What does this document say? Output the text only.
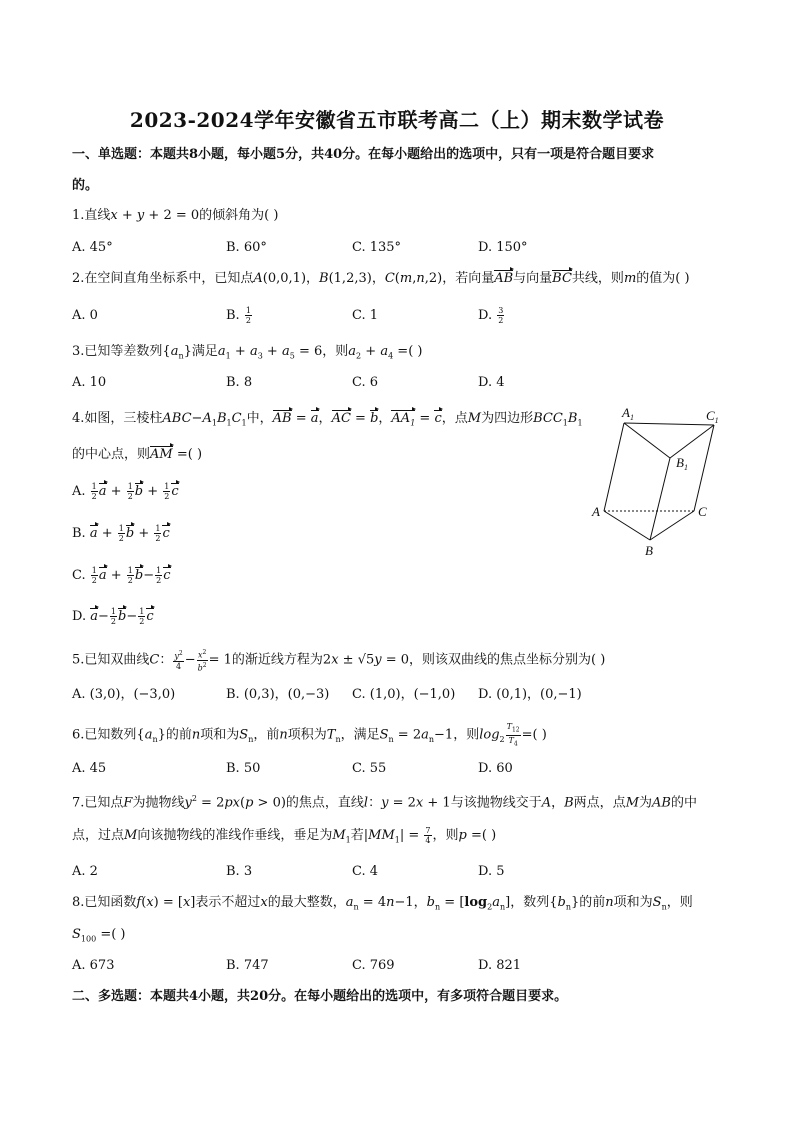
2023-2024学年安徽省五市联考高二（上）期末数学试卷
一、单选题：本题共8小题，每小题5分，共40分。在每小题给出的选项中，只有一项是符合题目要求
的。
1.直线x + y + 2 = 0的倾斜角为( )
A. 45°	B. 60°	C. 135°	D. 150°
2.在空间直角坐标系中，已知点A(0,0,1)，B(1,2,3)，C(m,n,2)，若向量AB与向量BC共线，则m的值为( )
A. 0	B. $\frac{1}{2}$	C. 1	D. $\frac{3}{2}$
3.已知等差数列$\{a_n\}$满足$a_1 + a_3 + a_5 = 6$，则$a_2 + a_4$ =( )
A. 10	B. 8	C. 6	D. 4
4.如图，三棱柱$ABC-A_1B_1C_1$中，AB = a，AC = b，$AA_1 = c$，点M为四边形$BCC_1B_1$
的中心点，则AM =( )
A. $\frac{1}{2}$ $a + \frac{1}{2}$ $b + \frac{1}{2}$ c
B. $a + \frac{1}{2}$ $b + \frac{1}{2}$ c
C. $\frac{1}{2}$ $a + \frac{1}{2} b- \frac{1}{2}$ c
D. $a- \frac{1}{2} b- \frac{1}{2}$ c
$A_1$	$C_1$
$B_1$
A	C
B
5.已知双曲线C： $\frac{y^2}{4} - \frac{x^2}{b^2} = 1$的渐近线方程为2x ± √5y = 0，则该双曲线的焦点坐标分别为( )
A. (3,0)，(−3,0)	B. (0,3)，(0,−3) C. (1,0)，(−1,0) D. (0,1)，(0,−1)
6.已知数列$\{a_n\}$的前n项和为$S_n$，前n项积为$T_n$，满足$S_n = 2a_n-1$，则$\log_2 \frac{T_{12}}{T_4}$ =( )
A. 45	B. 50	C. 55	D. 60
7.已知点F为抛物线$y^2 = 2px(p > 0)$的焦点，直线l：y = 2x + 1与该抛物线交于A，B两点，点M为AB的中
点，过点M向该抛物线的准线作垂线，垂足为$M_1$若$|MM_1| = \frac{7}{4}$ ，则p =( )
A. 2	B. 3	C. 4	D. 5
8.已知函数f(x) = [x]表示不超过x的最大整数，$a_n = 4n-1$，$b_n = [\log_2a_n]$，数列$\{b_n\}$的前n项和为$S_n$，则
$S_{100}$ =( )
A. 673	B. 747	C. 769	D. 821
二、多选题：本题共4小题，共20分。在每小题给出的选项中，有多项符合题目要求。
